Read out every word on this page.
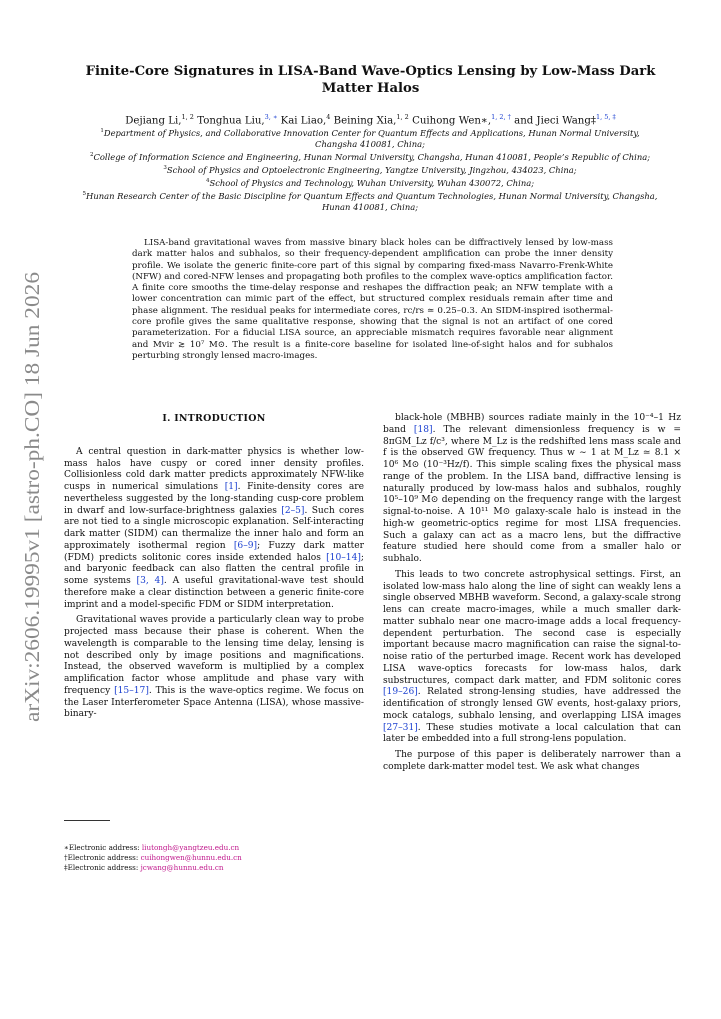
arXiv:2606.19995v1 [astro-ph.CO] 18 Jun 2026
Finite-Core Signatures in LISA-Band Wave-Optics Lensing by Low-Mass Dark Matter Halos
Dejiang Li,$^{1, 2}$ Tonghua Liu,$^{3, ∗}$ Kai Liao,$^4$ Beining Xia,$^{1, 2}$ Cuihong Wen∗,$^{1, 2, \dagger}$ and Jieci Wang‡$^{1, 5, \ddagger}$
$^1$Department of Physics, and Collaborative Innovation Center for Quantum Effects and Applications, Hunan Normal University, Changsha 410081, China;
$^2$College of Information Science and Engineering, Hunan Normal University, Changsha, Hunan 410081, People’s Republic of China;
$^3$School of Physics and Optoelectronic Engineering, Yangtze University, Jingzhou, 434023, China;
$^4$School of Physics and Technology, Wuhan University, Wuhan 430072, China;
$^5$Hunan Research Center of the Basic Discipline for Quantum Effects and Quantum Technologies, Hunan Normal University, Changsha, Hunan 410081, China;

LISA-band gravitational waves from massive binary black holes can be diffractively lensed by low-mass dark matter halos and subhalos, so their frequency-dependent amplification can probe the inner density profile. We isolate the generic finite-core part of this signal by comparing fixed-mass Navarro-Frenk-White (NFW) and cored-NFW lenses and propagating both profiles to the complex wave-optics amplification factor. A finite core smooths the time-delay response and reshapes the diffraction peak; an NFW template with a lower concentration can mimic part of the effect, but structured complex residuals remain after time and phase alignment. The residual peaks for intermediate cores, rc/rs ≃ 0.25–0.3. An SIDM-inspired isothermal-core profile gives the same qualitative response, showing that the signal is not an artifact of one cored parameterization. For a fiducial LISA source, an appreciable mismatch requires favorable near alignment and Mvir ≳ 10⁷ M⊙. The result is a finite-core baseline for isolated line-of-sight halos and for subhalos perturbing strongly lensed macro-images.

I. INTRODUCTION

A central question in dark-matter physics is whether low-mass halos have cuspy or cored inner density profiles. Collisionless cold dark matter predicts approximately NFW-like cusps in numerical simulations [1]. Finite-density cores are nevertheless suggested by the long-standing cusp-core problem in dwarf and low-surface-brightness galaxies [2–5]. Such cores are not tied to a single microscopic explanation. Self-interacting dark matter (SIDM) can thermalize the inner halo and form an approximately isothermal region [6–9]; Fuzzy dark matter (FDM) predicts solitonic cores inside extended halos [10–14]; and baryonic feedback can also flatten the central profile in some systems [3, 4]. A useful gravitational-wave test should therefore make a clear distinction between a generic finite-core imprint and a model-specific FDM or SIDM interpretation.

Gravitational waves provide a particularly clean way to probe projected mass because their phase is coherent. When the wavelength is comparable to the lensing time delay, lensing is not described only by image positions and magnifications. Instead, the observed waveform is multiplied by a complex amplification factor whose amplitude and phase vary with frequency [15–17]. This is the wave-optics regime. We focus on the Laser Interferometer Space Antenna (LISA), whose massive-binary-

black-hole (MBHB) sources radiate mainly in the 10⁻⁴–1 Hz band [18]. The relevant dimensionless frequency is w = 8πGM_Lz f/c³, where M_Lz is the redshifted lens mass scale and f is the observed GW frequency. Thus w ∼ 1 at M_Lz ≃ 8.1 × 10⁶ M⊙ (10⁻³Hz/f). This simple scaling fixes the physical mass range of the problem. In the LISA band, diffractive lensing is naturally produced by low-mass halos and subhalos, roughly 10⁵–10⁹ M⊙ depending on the frequency range with the largest signal-to-noise. A 10¹¹ M⊙ galaxy-scale halo is instead in the high-w geometric-optics regime for most LISA frequencies. Such a galaxy can act as a macro lens, but the diffractive feature studied here should come from a smaller halo or subhalo.

This leads to two concrete astrophysical settings. First, an isolated low-mass halo along the line of sight can weakly lens a single observed MBHB waveform. Second, a galaxy-scale strong lens can create macro-images, while a much smaller dark-matter subhalo near one macro-image adds a local frequency-dependent perturbation. The second case is especially important because macro magnification can raise the signal-to-noise ratio of the perturbed image. Recent work has developed LISA wave-optics forecasts for low-mass halos, dark substructures, compact dark matter, and FDM solitonic cores [19–26]. Related strong-lensing studies, have addressed the identification of strongly lensed GW events, host-galaxy priors, mock catalogs, subhalo lensing, and overlapping LISA images [27–31]. These studies motivate a local calculation that can later be embedded into a full strong-lens population.

The purpose of this paper is deliberately narrower than a complete dark-matter model test. We ask what changes

∗Electronic address: liutongh@yangtzeu.edu.cn
†Electronic address: cuihongwen@hunnu.edu.cn
‡Electronic address: jcwang@hunnu.edu.cn
